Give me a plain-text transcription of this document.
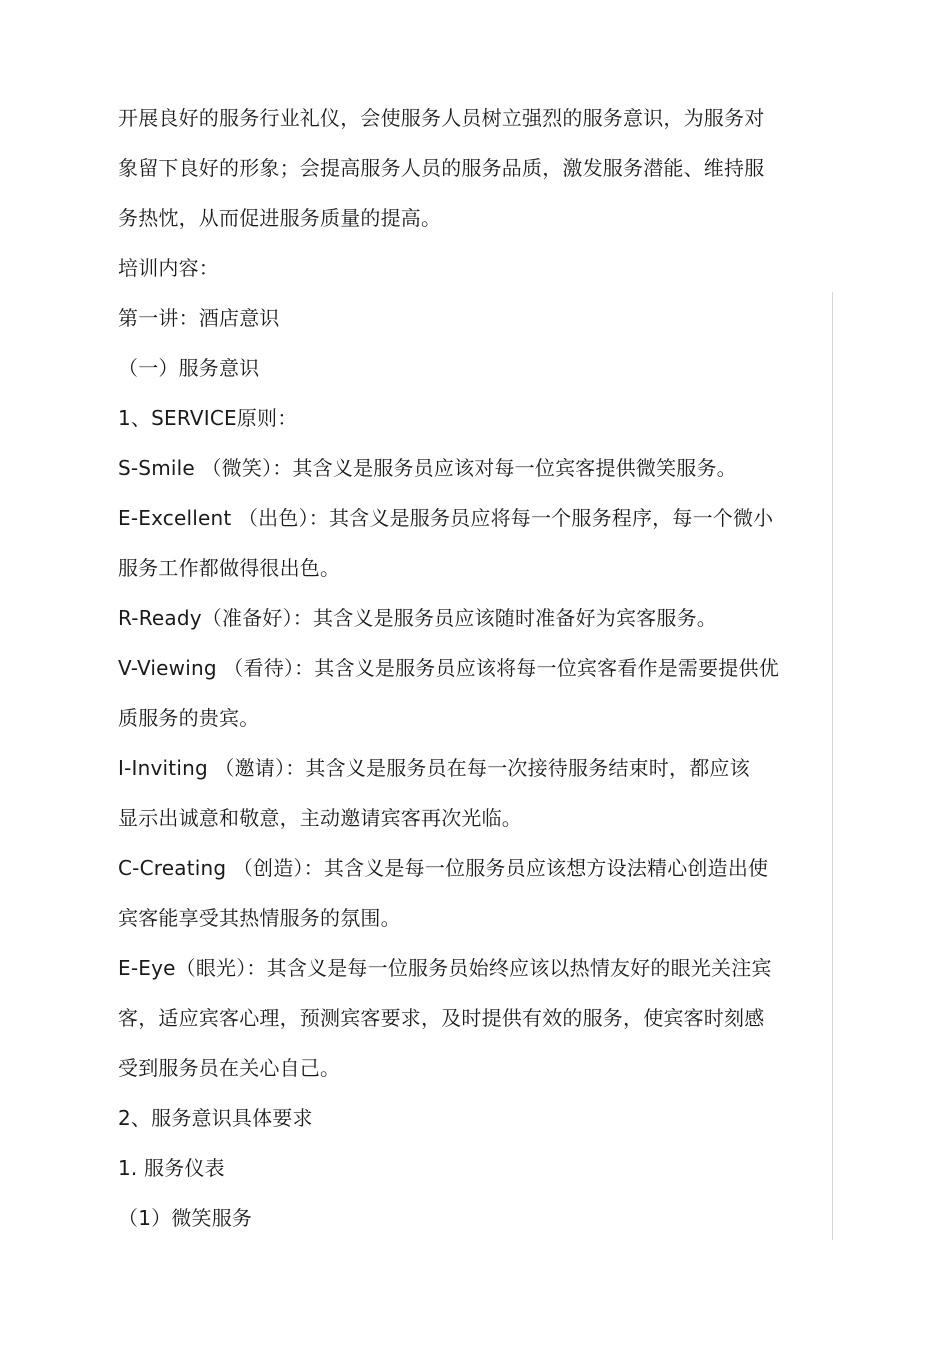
开展良好的服务行业礼仪，会使服务人员树立强烈的服务意识，为服务对
象留下良好的形象；会提高服务人员的服务品质，激发服务潜能、维持服
务热忱，从而促进服务质量的提高。
培训内容：
第一讲：酒店意识
（一）服务意识
1、SERVICE原则：
S-Smile （微笑）：其含义是服务员应该对每一位宾客提供微笑服务。
E-Excellent （出色）：其含义是服务员应将每一个服务程序，每一个微小
服务工作都做得很出色。
R-Ready（准备好）：其含义是服务员应该随时准备好为宾客服务。
V-Viewing （看待）：其含义是服务员应该将每一位宾客看作是需要提供优
质服务的贵宾。
I-Inviting （邀请）：其含义是服务员在每一次接待服务结束时，都应该
显示出诚意和敬意，主动邀请宾客再次光临。
C-Creating （创造）：其含义是每一位服务员应该想方设法精心创造出使
宾客能享受其热情服务的氛围。
E-Eye（眼光）：其含义是每一位服务员始终应该以热情友好的眼光关注宾
客，适应宾客心理，预测宾客要求，及时提供有效的服务，使宾客时刻感
受到服务员在关心自己。
2、服务意识具体要求
1. 服务仪表
（1）微笑服务
